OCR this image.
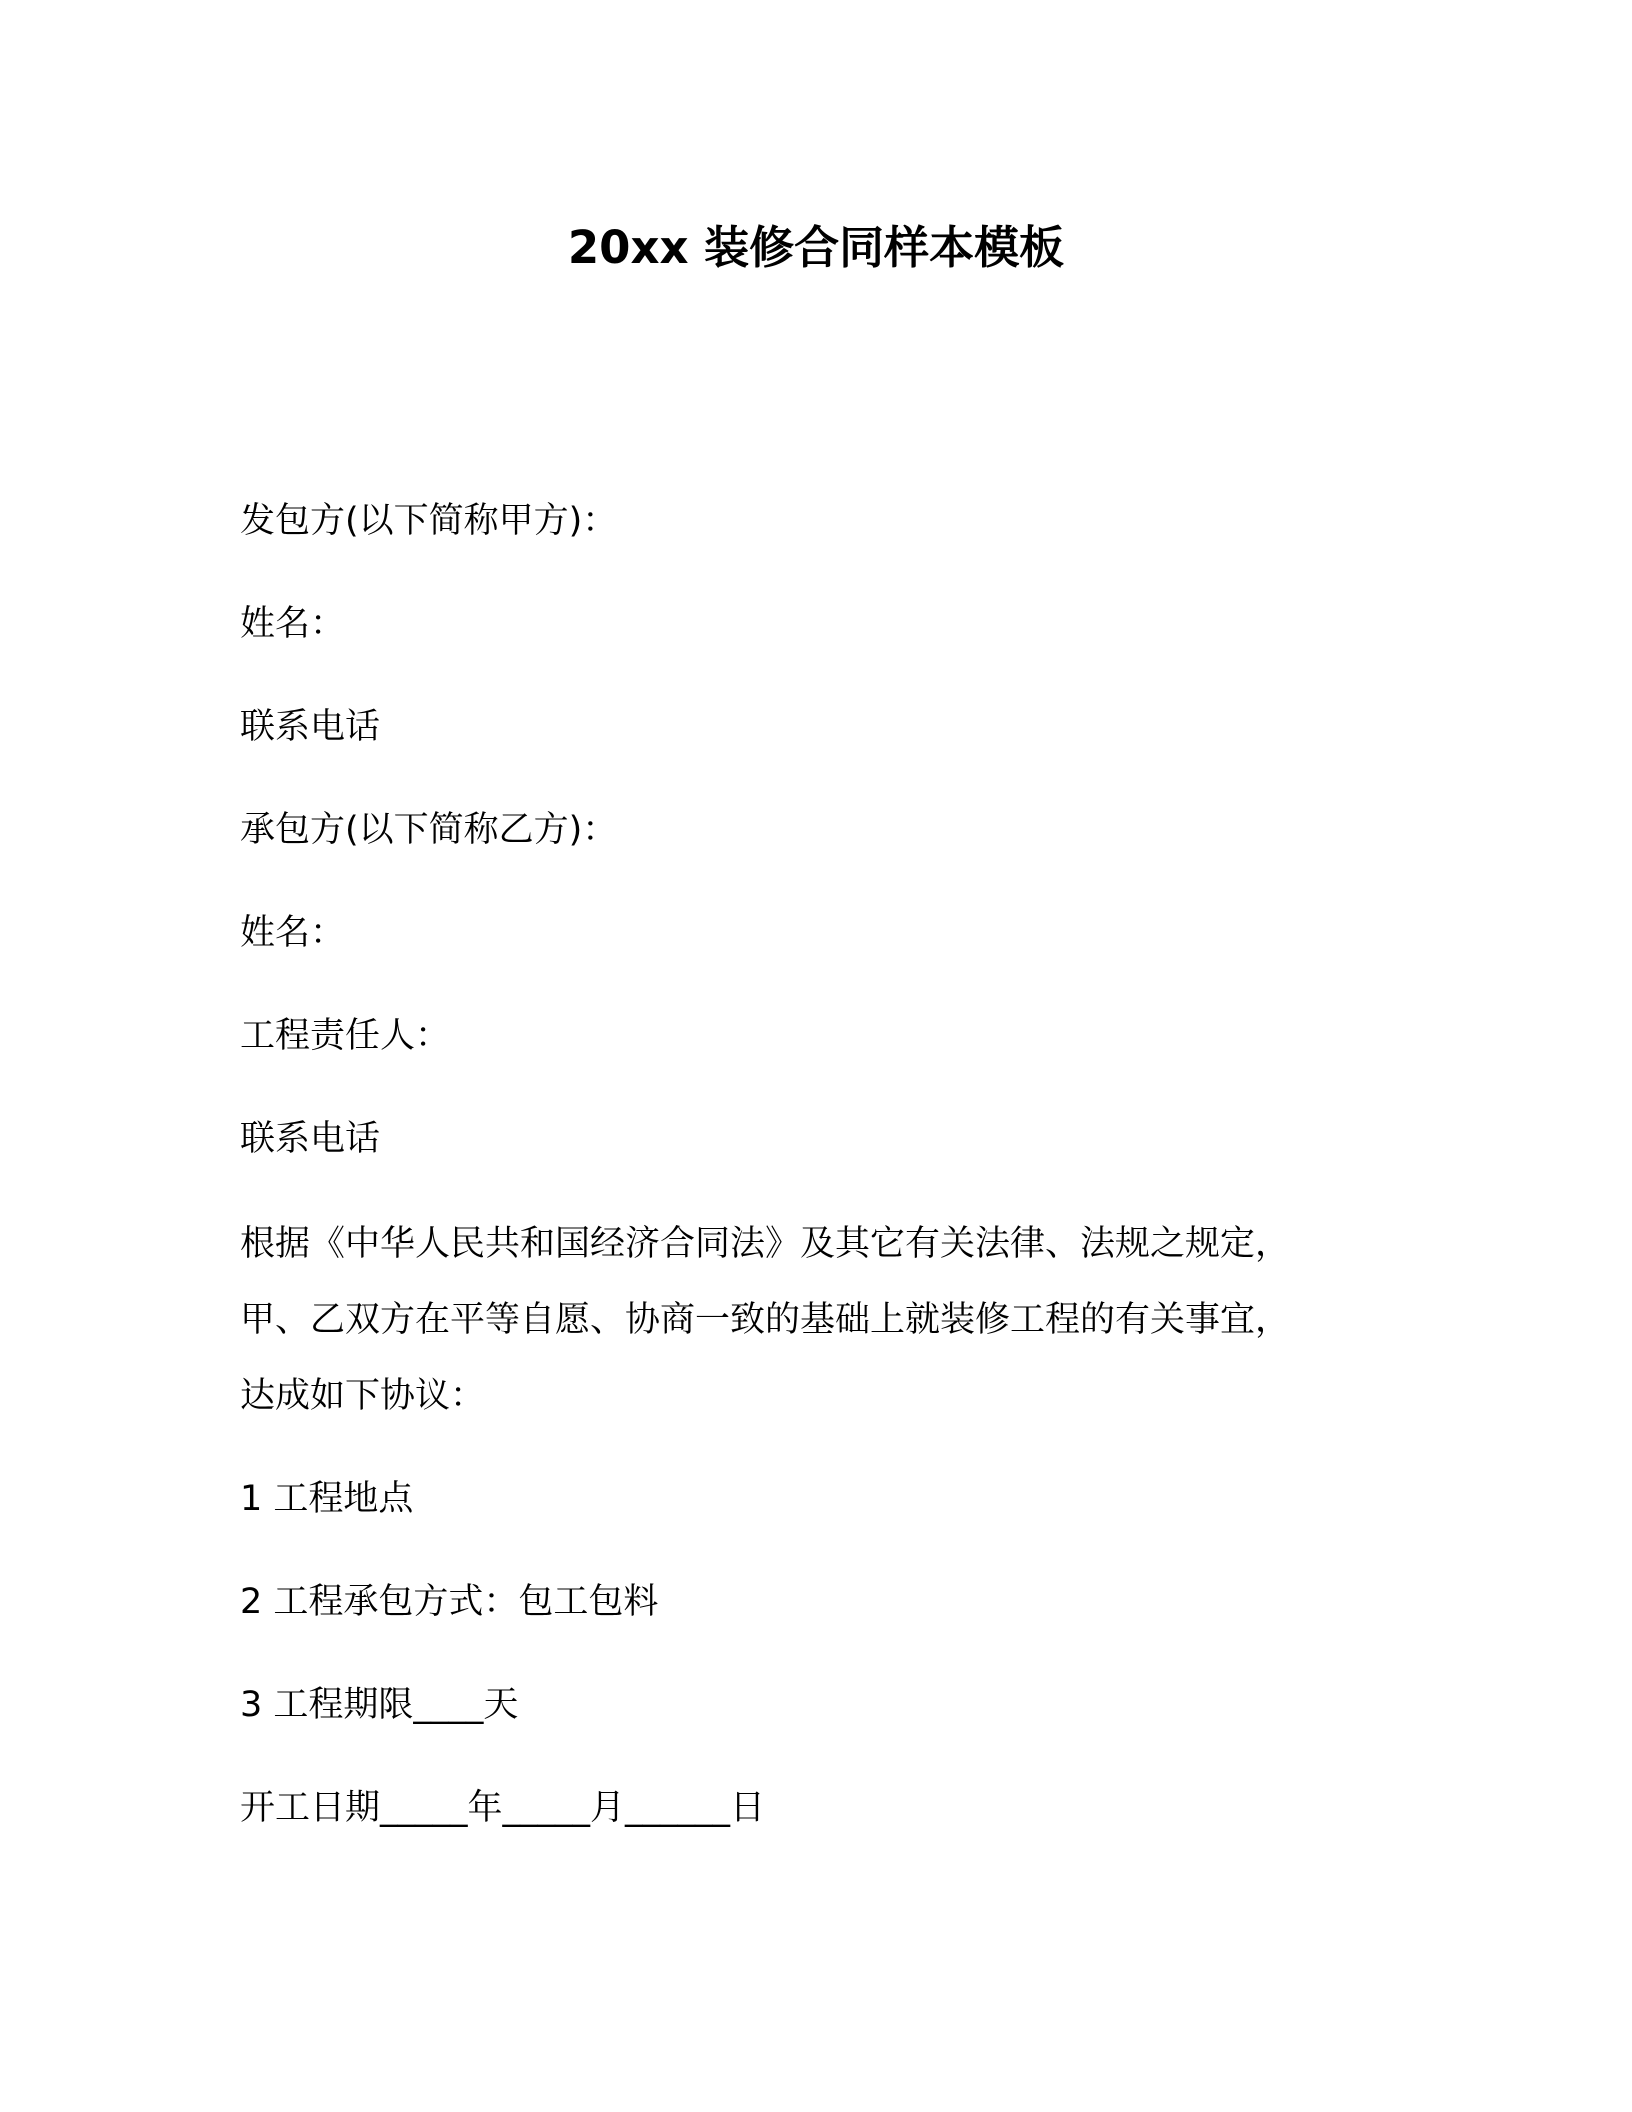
20xx 装修合同样本模板
发包方(以下简称甲方)：
姓名：
联系电话
承包方(以下简称乙方)：
姓名：
工程责任人：
联系电话
根据《中华人民共和国经济合同法》及其它有关法律、法规之规定，
甲、乙双方在平等自愿、协商一致的基础上就装修工程的有关事宜，
达成如下协议：
1 工程地点
2 工程承包方式：包工包料
3 工程期限____天
开工日期_____年_____月______日
